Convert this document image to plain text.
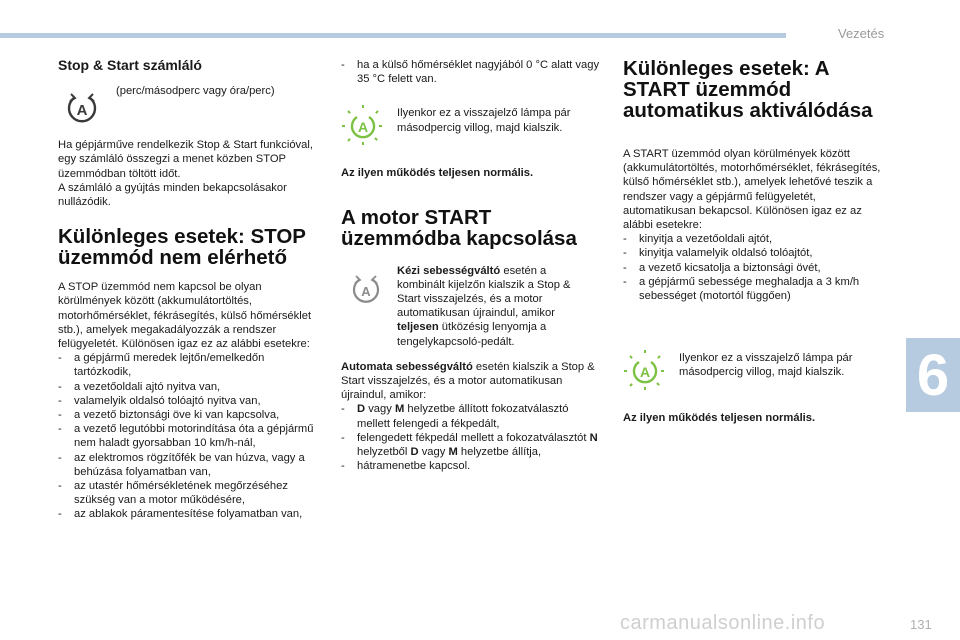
Vezetés

Stop & Start számláló

A

(perc/másodperc vagy óra/perc)

Ha gépjárműve rendelkezik Stop & Start funkcióval, egy számláló összegzi a menet közben STOP üzemmódban töltött időt.

A számláló a gyújtás minden bekapcsolásakor nullázódik.

Különleges esetek: STOP üzemmód nem elérhető

A STOP üzemmód nem kapcsol be olyan körülmények között (akkumulátortöltés, motorhőmérséklet, fékrásegítés, külső hőmérséklet stb.), amelyek megakadályozzák a rendszer felügyeletét. Különösen igaz ez az alábbi esetekre:

- a gépjármű meredek lejtőn/emelkedőn tartózkodik,
- a vezetőoldali ajtó nyitva van,
- valamelyik oldalsó tolóajtó nyitva van,
- a vezető biztonsági öve ki van kapcsolva,
- a vezető legutóbbi motorindítása óta a gépjármű nem haladt gyorsabban 10 km/h-nál,
- az elektromos rögzítőfék be van húzva, vagy a behúzása folyamatban van,
- az utastér hőmérsékletének megőrzéséhez szükség van a motor működésére,
- az ablakok páramentesítése folyamatban van,
- ha a külső hőmérséklet nagyjából 0 °C alatt vagy 35 °C felett van.
A

Ilyenkor ez a visszajelző lámpa pár másodpercig villog, majd kialszik.

Az ilyen működés teljesen normális.

A motor START üzemmódba kapcsolása

A

Kézi sebességváltó esetén a kombinált kijelzőn kialszik a Stop & Start visszajelzés, és a motor automatikusan újraindul, amikor teljesen ütközésig lenyomja a tengelykapcsoló-pedált.

Automata sebességváltó esetén kialszik a Stop & Start visszajelzés, és a motor automatikusan újraindul, amikor:

- D vagy M helyzetbe állított fokozatválasztó mellett felengedi a fékpedált,
- felengedett fékpedál mellett a fokozatválasztót N helyzetből D vagy M helyzetbe állítja,
- hátramenetbe kapcsol.

Különleges esetek: A START üzemmód automatikus aktiválódása

A START üzemmód olyan körülmények között (akkumulátortöltés, motorhőmérséklet, fékrásegítés, külső hőmérséklet stb.), amelyek lehetővé teszik a rendszer vagy a gépjármű felügyeletét, automatikusan bekapcsol. Különösen igaz ez az alábbi esetekre:

- kinyitja a vezetőoldali ajtót,
- kinyitja valamelyik oldalsó tolóajtót,
- a vezető kicsatolja a biztonsági övét,
- a gépjármű sebessége meghaladja a 3 km/h sebességet (motortól függően)
A

Ilyenkor ez a visszajelző lámpa pár másodpercig villog, majd kialszik.

Az ilyen működés teljesen normális.

6
carmanualsonline.info	131
